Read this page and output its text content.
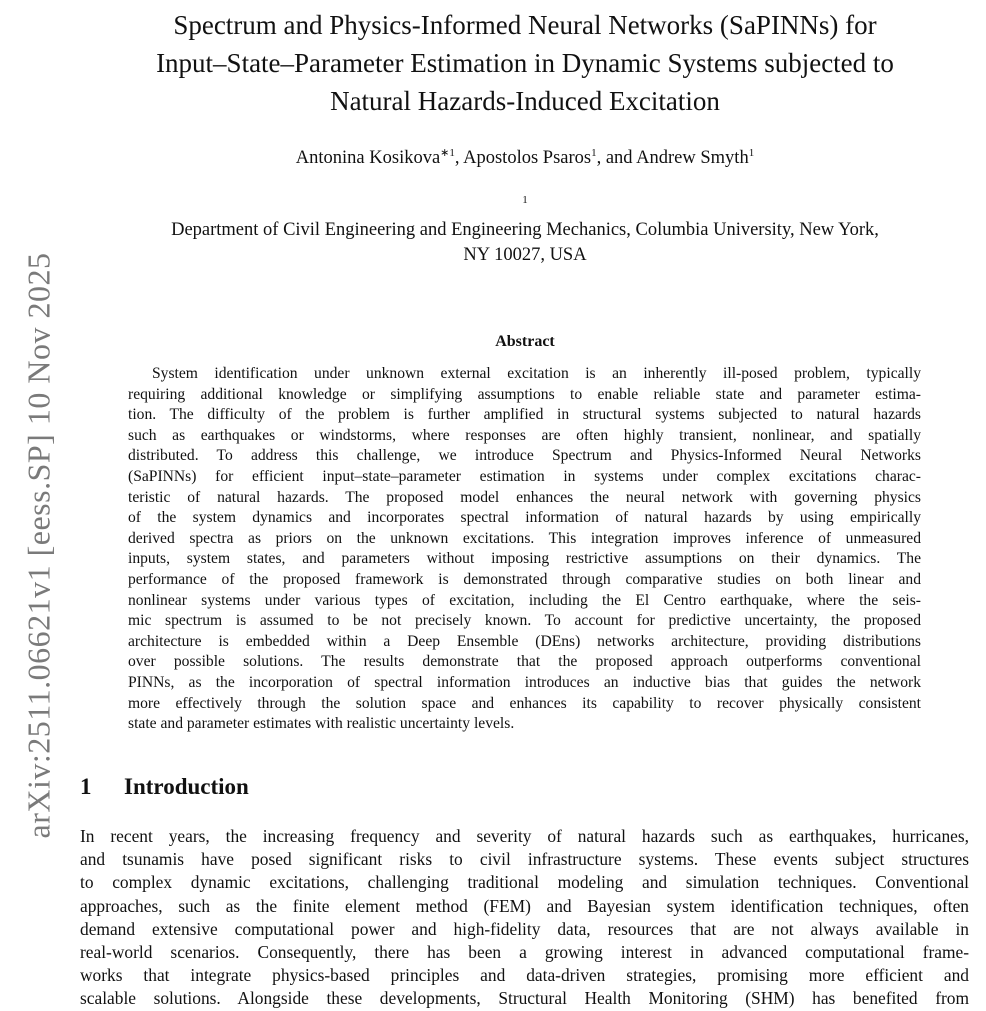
arXiv:2511.06621v1 [eess.SP] 10 Nov 2025
Spectrum and Physics-Informed Neural Networks (SaPINNs) for
Input–State–Parameter Estimation in Dynamic Systems subjected to
Natural Hazards-Induced Excitation
Antonina Kosikova$^{∗1}$, Apostolos Psaros$^1$, and Andrew Smyth$^1$
$^1$
Department of Civil Engineering and Engineering Mechanics, Columbia University, New York,
NY 10027, USA
Abstract
System identification under unknown external excitation is an inherently ill-posed problem, typically
requiring additional knowledge or simplifying assumptions to enable reliable state and parameter estima-
tion. The difficulty of the problem is further amplified in structural systems subjected to natural hazards
such as earthquakes or windstorms, where responses are often highly transient, nonlinear, and spatially
distributed. To address this challenge, we introduce Spectrum and Physics-Informed Neural Networks
(SaPINNs) for efficient input–state–parameter estimation in systems under complex excitations charac-
teristic of natural hazards. The proposed model enhances the neural network with governing physics
of the system dynamics and incorporates spectral information of natural hazards by using empirically
derived spectra as priors on the unknown excitations. This integration improves inference of unmeasured
inputs, system states, and parameters without imposing restrictive assumptions on their dynamics. The
performance of the proposed framework is demonstrated through comparative studies on both linear and
nonlinear systems under various types of excitation, including the El Centro earthquake, where the seis-
mic spectrum is assumed to be not precisely known. To account for predictive uncertainty, the proposed
architecture is embedded within a Deep Ensemble (DEns) networks architecture, providing distributions
over possible solutions. The results demonstrate that the proposed approach outperforms conventional
PINNs, as the incorporation of spectral information introduces an inductive bias that guides the network
more effectively through the solution space and enhances its capability to recover physically consistent
state and parameter estimates with realistic uncertainty levels.
1 Introduction
In recent years, the increasing frequency and severity of natural hazards such as earthquakes, hurricanes,
and tsunamis have posed significant risks to civil infrastructure systems. These events subject structures
to complex dynamic excitations, challenging traditional modeling and simulation techniques. Conventional
approaches, such as the finite element method (FEM) and Bayesian system identification techniques, often
demand extensive computational power and high-fidelity data, resources that are not always available in
real-world scenarios. Consequently, there has been a growing interest in advanced computational frame-
works that integrate physics-based principles and data-driven strategies, promising more efficient and
scalable solutions. Alongside these developments, Structural Health Monitoring (SHM) has benefited from
